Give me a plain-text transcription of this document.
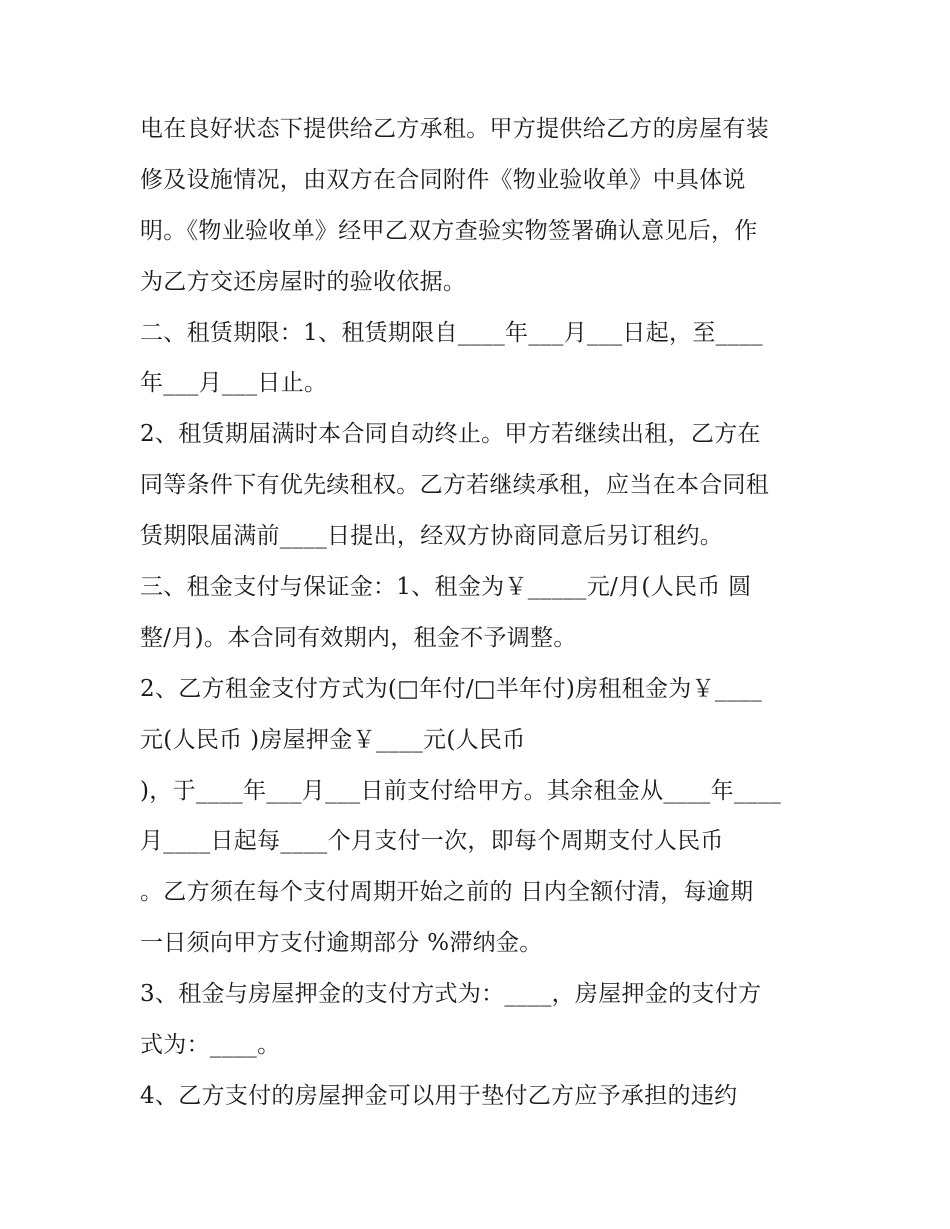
电在良好状态下提供给乙方承租。甲方提供给乙方的房屋有装
修及设施情况，由双方在合同附件《物业验收单》中具体说
明。《物业验收单》经甲乙双方查验实物签署确认意见后，作
为乙方交还房屋时的验收依据。
二、租赁期限：1、租赁期限自____年___月___日起，至____
年___月___日止。
2、租赁期届满时本合同自动终止。甲方若继续出租，乙方在
同等条件下有优先续租权。乙方若继续承租，应当在本合同租
赁期限届满前____日提出，经双方协商同意后另订租约。
三、租金支付与保证金：1、租金为￥_____元/月(人民币 圆
整/月)。本合同有效期内，租金不予调整。
2、乙方租金支付方式为(□年付/□半年付)房租租金为￥____
元(人民币 )房屋押金￥____元(人民币
)，于____年___月___日前支付给甲方。其余租金从____年____
月____日起每____个月支付一次，即每个周期支付人民币
。乙方须在每个支付周期开始之前的 日内全额付清，每逾期
一日须向甲方支付逾期部分 %滞纳金。
3、租金与房屋押金的支付方式为：____，房屋押金的支付方
式为：____。
4、乙方支付的房屋押金可以用于垫付乙方应予承担的违约
